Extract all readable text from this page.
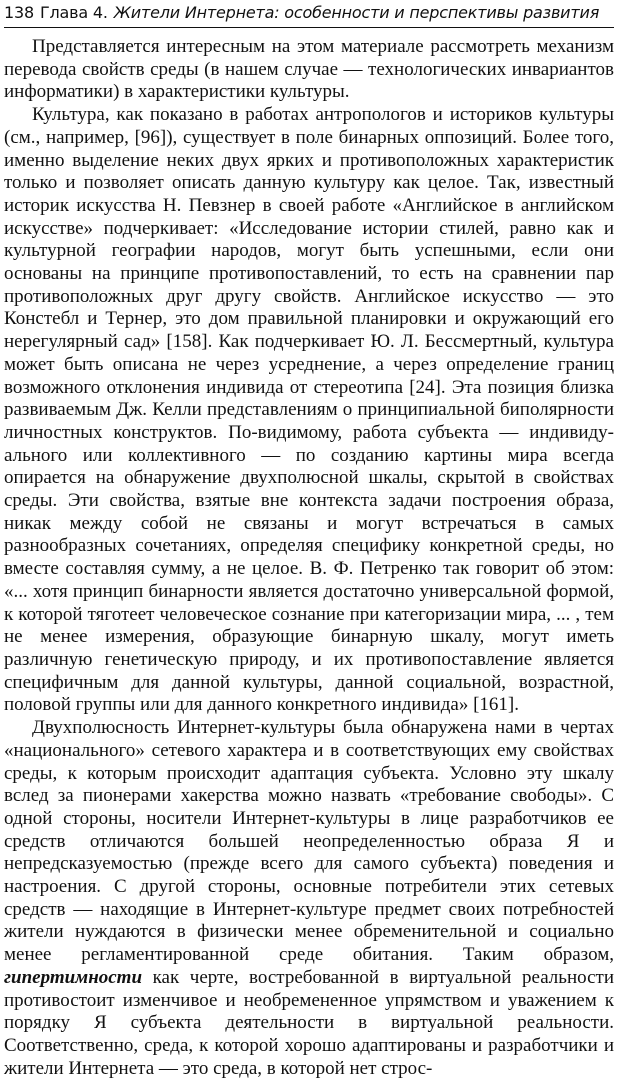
138 Глава 4. Жители Интернета: особенности и перспективы развития

Представляется интересным на этом материале рассмотреть механизм перевода свойств среды (в нашем случае — технологических инвариантов информатики) в характеристики культуры.

Культура, как показано в работах антропологов и историков культуры (см., например, [96]), существует в поле бинарных оппозиций. Более того, именно выделение неких двух ярких и противоположных характеристик только и позволяет описать данную культуру как целое. Так, известный историк искусства Н. Певзнер в своей работе «Английское в английском искусстве» подчеркивает: «Исследование истории стилей, равно как и культурной географии народов, могут быть успешными, если они основаны на принципе противопоставлений, то есть на сравнении пар противоположных друг другу свойств. Английское искусство — это Констебл и Тернер, это дом правильной планировки и окружающий его нерегулярный сад» [158]. Как подчеркивает Ю. Л. Бессмертный, культура может быть описана не через усреднение, а через определение границ возможного отклонения индивида от стереотипа [24]. Эта позиция близка развиваемым Дж. Келли представлениям о принципиальной биполярности личностных конструктов. По-видимому, работа субъекта — индивидуального или коллективного — по созданию картины мира всегда опирается на обнаружение двухполюсной шкалы, скрытой в свойствах среды. Эти свойства, взятые вне контекста задачи построения образа, никак между собой не связаны и могут встречаться в самых разнообразных сочетаниях, определяя специфику конкретной среды, но вместе составляя сумму, а не целое. В. Ф. Петренко так говорит об этом: «... хотя принцип бинарности является достаточно универсальной формой, к которой тяготеет человеческое сознание при категоризации мира, ... , тем не менее измерения, образующие бинарную шкалу, могут иметь различную генетическую природу, и их противопоставление является специфичным для данной культуры, данной социальной, возрастной, половой группы или для данного конкретного индивида» [161].

Двухполюсность Интернет-культуры была обнаружена нами в чертах «национального» сетевого характера и в соответствующих ему свойствах среды, к которым происходит адаптация субъекта. Условно эту шкалу вслед за пионерами хакерства можно назвать «требование свободы». С одной стороны, носители Интернет-культуры в лице разработчиков ее средств отличаются большей неопределенностью образа Я и непредсказуемостью (прежде всего для самого субъекта) поведения и настроения. С другой стороны, основные потребители этих сетевых средств — находящие в Интернет-культуре предмет своих потребностей жители нуждаются в физически менее обременительной и социально менее регламентированной среде обитания. Таким образом, гипертимности как черте, востребованной в виртуальной реальности противостоит изменчивое и необремененное упрямством и уважением к порядку Я субъекта деятельности в виртуальной реальности. Соответственно, среда, к которой хорошо адаптированы и разработчики и жители Интернета — это среда, в которой нет строс-
